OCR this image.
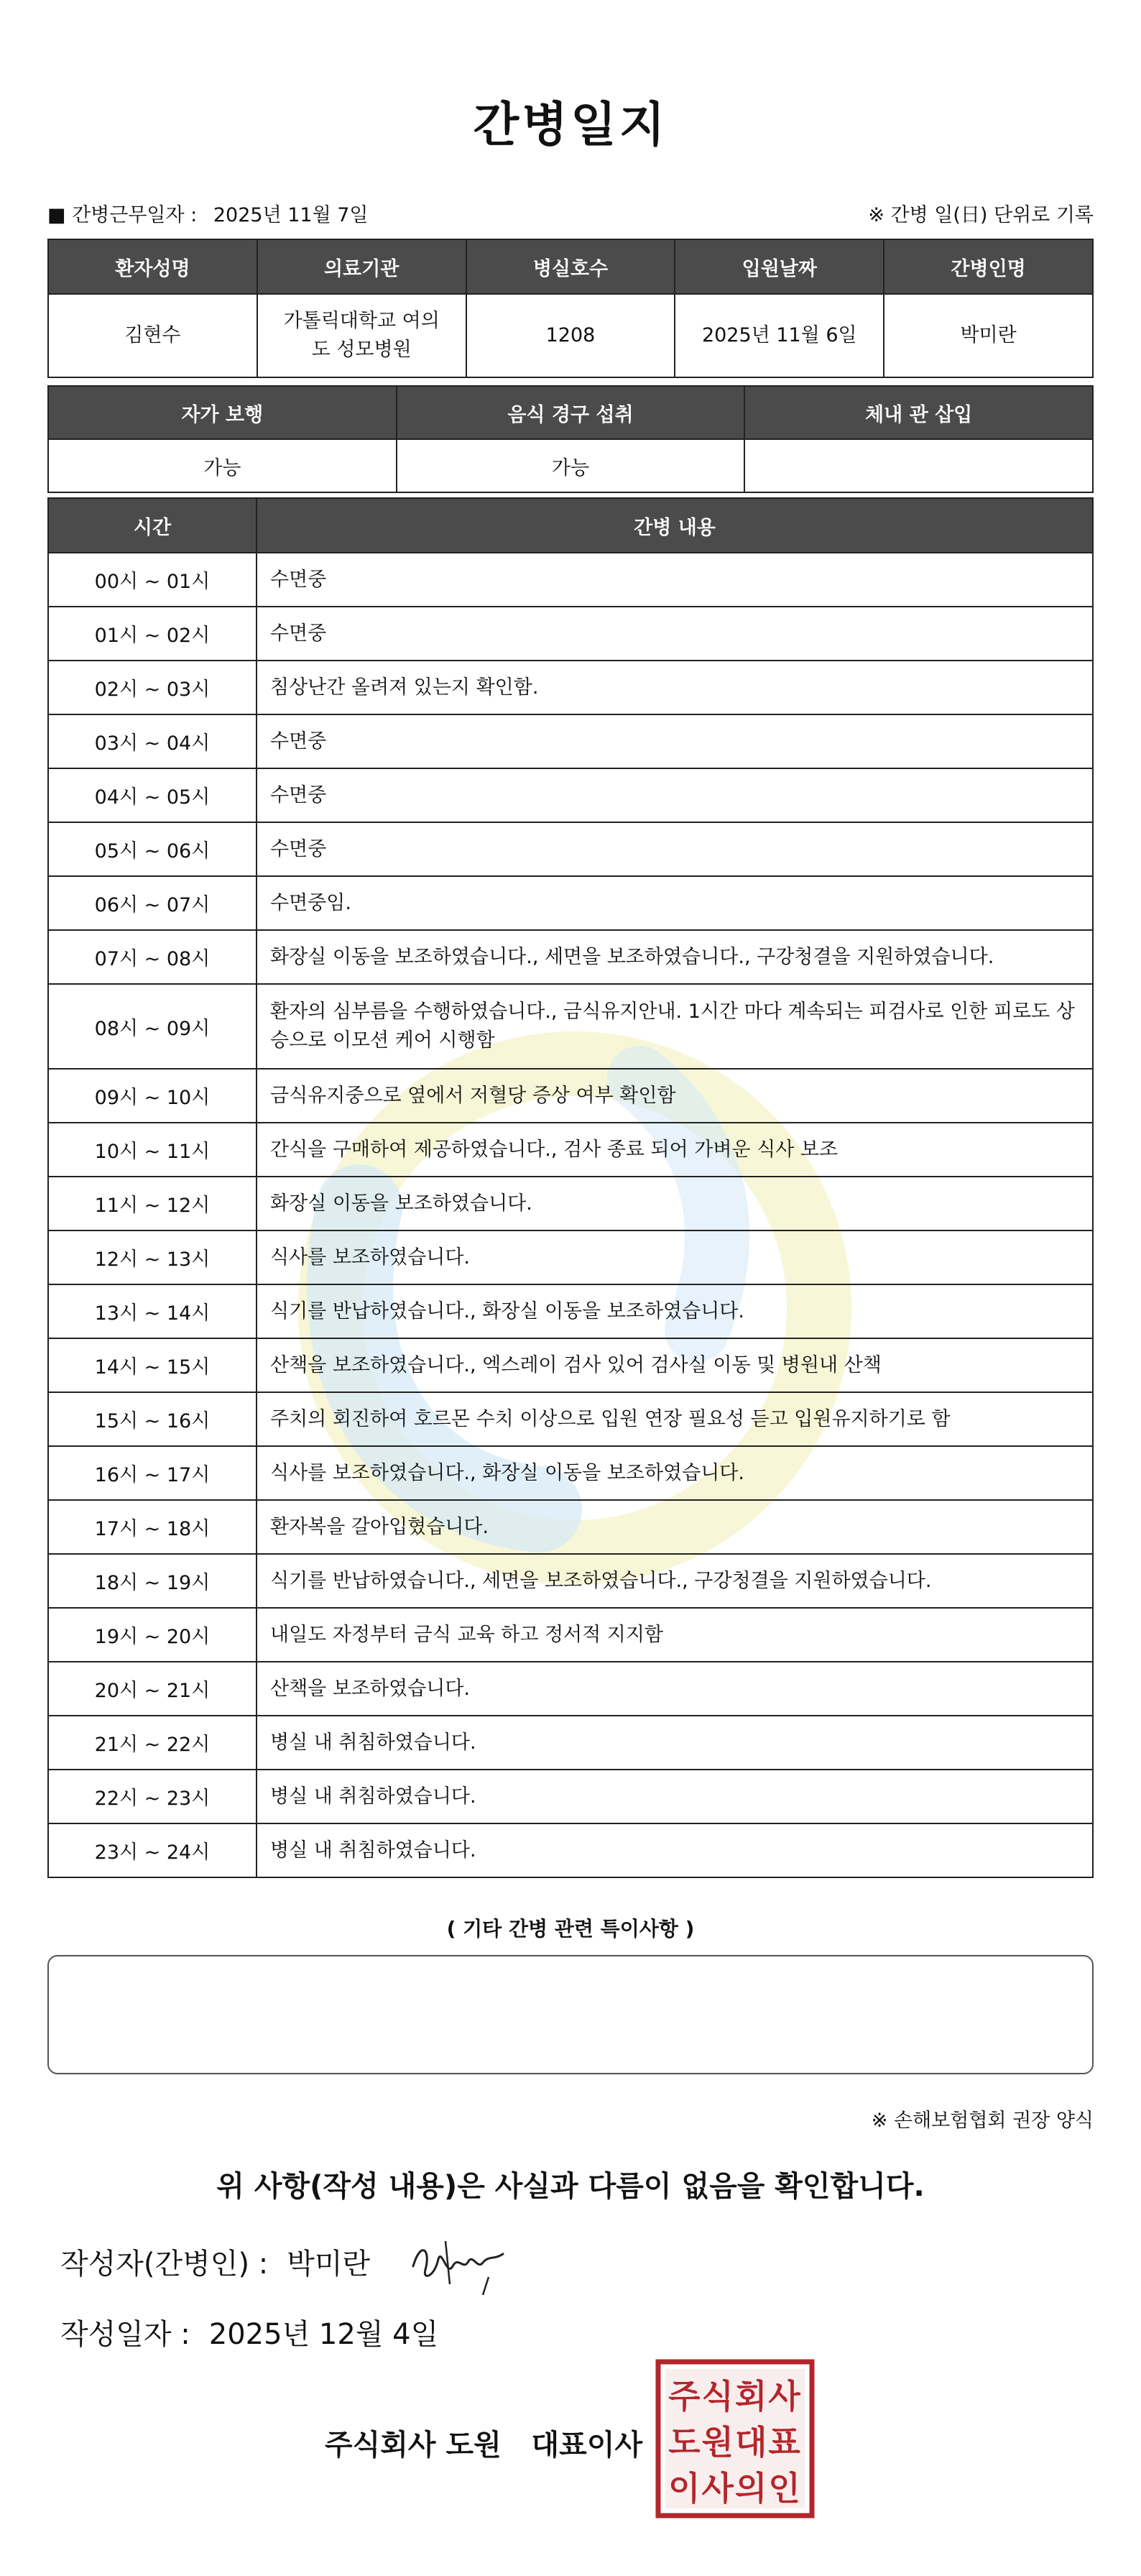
간병일지
■ 간병근무일자 : 2025년 11월 7일	※ 간병 일(日) 단위로 기록
환자성명	의료기관	병실호수	입원날짜	간병인명
김현수	가톨릭대학교 여의도 성모병원	1208	2025년 11월 6일	박미란
자가 보행	음식 경구 섭취	체내 관 삽입
가능	가능	
시간	간병 내용
00시 ~ 01시	수면중
01시 ~ 02시	수면중
02시 ~ 03시	침상난간 올려져 있는지 확인함.
03시 ~ 04시	수면중
04시 ~ 05시	수면중
05시 ~ 06시	수면중
06시 ~ 07시	수면중임.
07시 ~ 08시	화장실 이동을 보조하였습니다., 세면을 보조하였습니다., 구강청결을 지원하였습니다.
08시 ~ 09시	환자의 심부름을 수행하였습니다., 금식유지안내. 1시간 마다 계속되는 피검사로 인한 피로도 상승으로 이모션 케어 시행함
09시 ~ 10시	금식유지중으로 옆에서 저혈당 증상 여부 확인함
10시 ~ 11시	간식을 구매하여 제공하였습니다., 검사 종료 되어 가벼운 식사 보조
11시 ~ 12시	화장실 이동을 보조하였습니다.
12시 ~ 13시	식사를 보조하였습니다.
13시 ~ 14시	식기를 반납하였습니다., 화장실 이동을 보조하였습니다.
14시 ~ 15시	산책을 보조하였습니다., 엑스레이 검사 있어 검사실 이동 및 병원내 산책
15시 ~ 16시	주치의 회진하여 호르몬 수치 이상으로 입원 연장 필요성 듣고 입원유지하기로 함
16시 ~ 17시	식사를 보조하였습니다., 화장실 이동을 보조하였습니다.
17시 ~ 18시	환자복을 갈아입혔습니다.
18시 ~ 19시	식기를 반납하였습니다., 세면을 보조하였습니다., 구강청결을 지원하였습니다.
19시 ~ 20시	내일도 자정부터 금식 교육 하고 정서적 지지함
20시 ~ 21시	산책을 보조하였습니다.
21시 ~ 22시	병실 내 취침하였습니다.
22시 ~ 23시	병실 내 취침하였습니다.
23시 ~ 24시	병실 내 취침하였습니다.
( 기타 간병 관련 특이사항 )
※ 손해보험협회 권장 양식
위 사항(작성 내용)은 사실과 다름이 없음을 확인합니다.
작성자(간병인) : 박미란
작성일자 : 2025년 12월 4일
주식회사 도원   대표이사
주식회사
도원대표
이사의인
